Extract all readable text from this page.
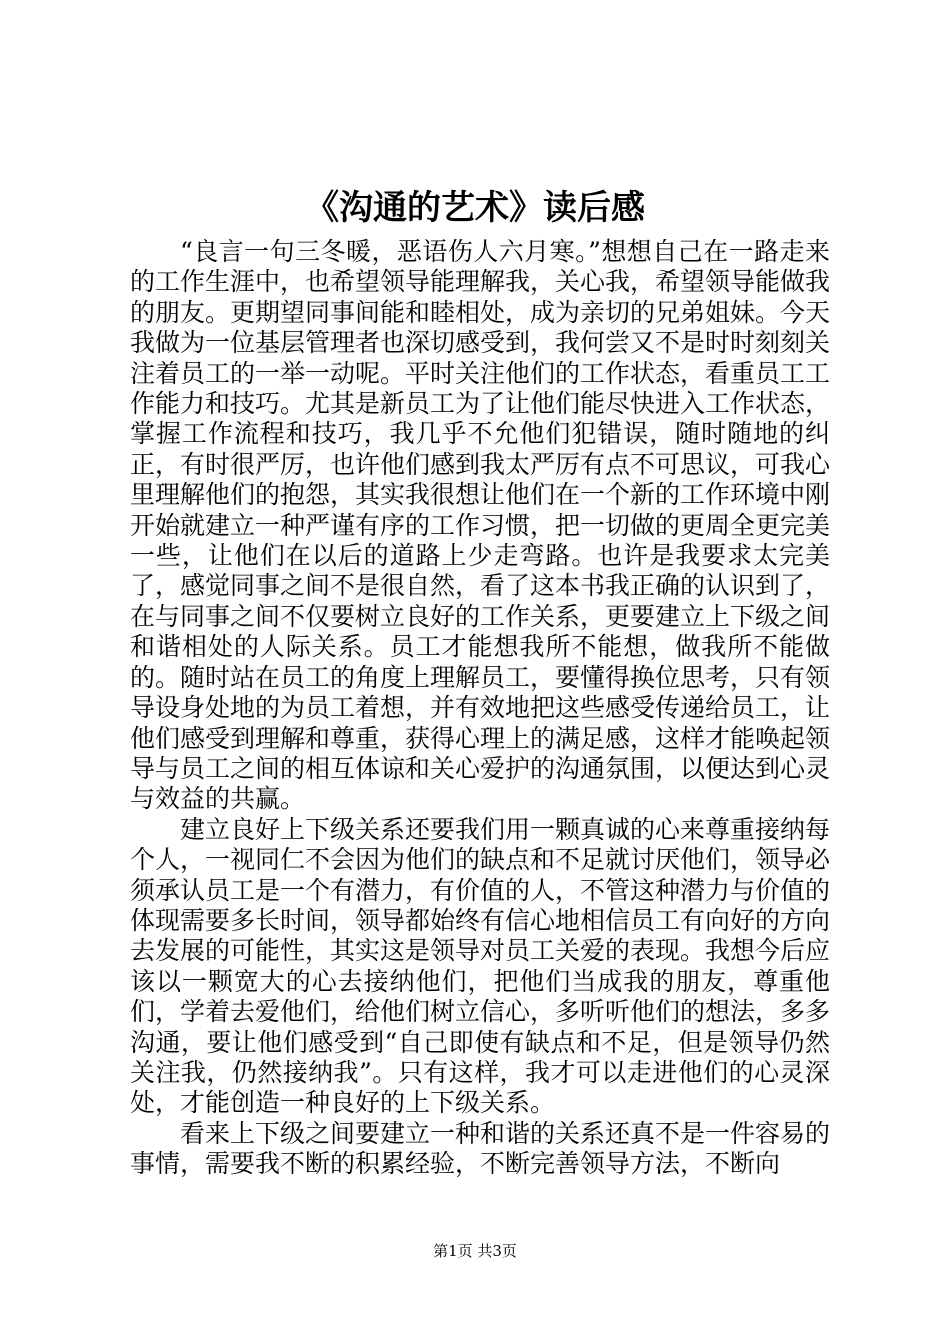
《沟通的艺术》读后感

“良言一句三冬暖，恶语伤人六月寒。”想想自己在一路走来的工作生涯中，也希望领导能理解我，关心我，希望领导能做我的朋友。更期望同事间能和睦相处，成为亲切的兄弟姐妹。今天我做为一位基层管理者也深切感受到，我何尝又不是时时刻刻关注着员工的一举一动呢。平时关注他们的工作状态，看重员工工作能力和技巧。尤其是新员工为了让他们能尽快进入工作状态，掌握工作流程和技巧，我几乎不允他们犯错误，随时随地的纠正，有时很严厉，也许他们感到我太严厉有点不可思议，可我心里理解他们的抱怨，其实我很想让他们在一个新的工作环境中刚开始就建立一种严谨有序的工作习惯，把一切做的更周全更完美一些，让他们在以后的道路上少走弯路。也许是我要求太完美了，感觉同事之间不是很自然，看了这本书我正确的认识到了，在与同事之间不仅要树立良好的工作关系，更要建立上下级之间和谐相处的人际关系。员工才能想我所不能想，做我所不能做的。随时站在员工的角度上理解员工，要懂得换位思考，只有领导设身处地的为员工着想，并有效地把这些感受传递给员工，让他们感受到理解和尊重，获得心理上的满足感，这样才能唤起领导与员工之间的相互体谅和关心爱护的沟通氛围，以便达到心灵与效益的共赢。

建立良好上下级关系还要我们用一颗真诚的心来尊重接纳每个人，一视同仁不会因为他们的缺点和不足就讨厌他们，领导必须承认员工是一个有潜力，有价值的人，不管这种潜力与价值的体现需要多长时间，领导都始终有信心地相信员工有向好的方向去发展的可能性，其实这是领导对员工关爱的表现。我想今后应该以一颗宽大的心去接纳他们，把他们当成我的朋友，尊重他们，学着去爱他们，给他们树立信心，多听听他们的想法，多多沟通，要让他们感受到“自己即使有缺点和不足，但是领导仍然关注我，仍然接纳我”。只有这样，我才可以走进他们的心灵深处，才能创造一种良好的上下级关系。

看来上下级之间要建立一种和谐的关系还真不是一件容易的事情，需要我不断的积累经验，不断完善领导方法，不断向

第1页 共3页
